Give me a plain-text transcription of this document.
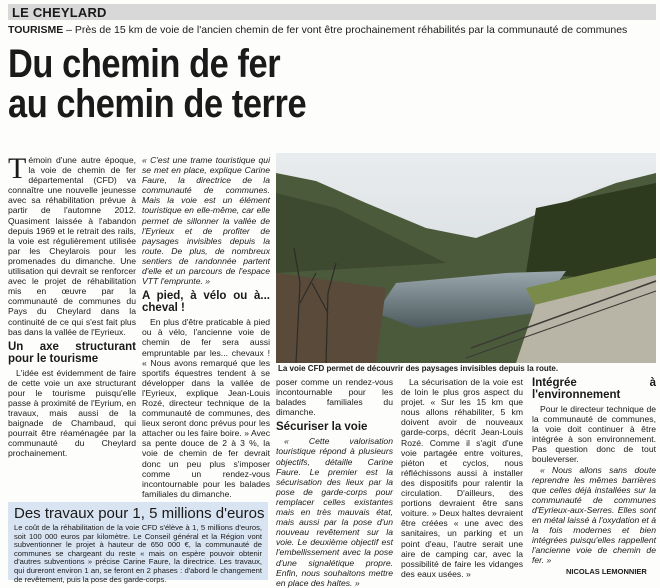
LE CHEYLARD
TOURISME – Près de 15 km de voie de l'ancien chemin de fer vont être prochainement réhabilités par la communauté de communes
Du chemin de fer
au chemin de terre

Témoin d'une autre époque, la voie de chemin de fer départemental (CFD) va connaître une nouvelle jeunesse avec sa réhabilitation prévue à partir de l'automne 2012. Quasiment laissée à l'abandon depuis 1969 et le retrait des rails, la voie est régulièrement utilisée par les Cheylarois pour les promenades du dimanche. Une utilisation qui devrait se renforcer avec le projet de réhabilitation mis en œuvre par la communauté de communes du Pays du Cheylard dans la continuité de ce qui s'est fait plus bas dans la vallée de l'Eyrieux.

Un axe structurant pour le tourisme

L'idée est évidemment de faire de cette voie un axe structurant pour le tourisme puisqu'elle passe à proximité de l'Eyrium, en travaux, mais aussi de la baignade de Chambaud, qui pourrait être réaménagée par la communauté du Cheylard prochainement.

« C'est une trame touristique qui se met en place, explique Carine Faure, la directrice de la communauté de communes. Mais la voie est un élément touristique en elle-même, car elle permet de sillonner la vallée de l'Eyrieux et de profiter de paysages invisibles depuis la route. De plus, de nombreux sentiers de randonnée partent d'elle et un parcours de l'espace VTT l'emprunte. »

A pied, à vélo ou à... cheval !

En plus d'être praticable à pied ou à vélo, l'ancienne voie de chemin de fer sera aussi empruntable par les... chevaux ! « Nous avons remarqué que les sportifs équestres tendent à se développer dans la vallée de l'Eyrieux, explique Jean-Louis Rozé, directeur technique de la communauté de communes, des lieux seront donc prévus pour les attacher ou les faire boire. » Avec sa pente douce de 2 à 3 %, la voie de chemin de fer devrait donc un peu plus s'imposer comme un rendez-vous incontournable pour les balades familiales du dimanche.

La voie CFD permet de découvrir des paysages invisibles depuis la route.

poser comme un rendez-vous incontournable pour les balades familiales du dimanche.

Sécuriser la voie

« Cette valorisation touristique répond à plusieurs objectifs, détaille Carine Faure. Le premier est la sécurisation des lieux par la pose de garde-corps pour remplacer celles existantes mais en très mauvais état, mais aussi par la pose d'un nouveau revêtement sur la voie. Le deuxième objectif est l'embellissement avec la pose d'une signalétique propre. Enfin, nous souhaitons mettre en place des haltes. »

La sécurisation de la voie est de loin le plus gros aspect du projet. « Sur les 15 km que nous allons réhabiliter, 5 km doivent avoir de nouveaux garde-corps, décrit Jean-Louis Rozé. Comme il s'agit d'une voie partagée entre voitures, piéton et cyclos, nous réfléchissons aussi à installer des dispositifs pour ralentir la circulation. D'ailleurs, des portions devraient être sans voiture. » Deux haltes devraient être créées « une avec des sanitaires, un parking et un point d'eau, l'autre serait une aire de camping car, avec la possibilité de faire les vidanges des eaux usées. »

Intégrée à l'environnement

Pour le directeur technique de la communauté de communes, la voie doit continuer à être intégrée à son environnement. Pas question donc de tout bouleverser.

« Nous allons sans doute reprendre les mêmes barrières que celles déjà installées sur la communauté de communes d'Eyrieux-aux-Serres. Elles sont en métal laissé à l'oxydation et à la fois modernes et bien intégrées puisqu'elles rappellent l'ancienne voie de chemin de fer. »

Des travaux pour 1, 5 millions d'euros
Le coût de la réhabilitation de la voie CFD s'élève à 1, 5 millions d'euros, soit 100 000 euros par kilomètre. Le Conseil général et la Région vont subventionner le projet à hauteur de 650 000 €, la communauté de communes se chargeant du reste « mais on espère pouvoir obtenir d'autres subventions » précise Carine Faure, la directrice. Les travaux, qui dureront environ 1 an, se feront en 2 phases : d'abord le changement de revêtement, puis la pose des garde-corps.
NICOLAS LEMONNIER
